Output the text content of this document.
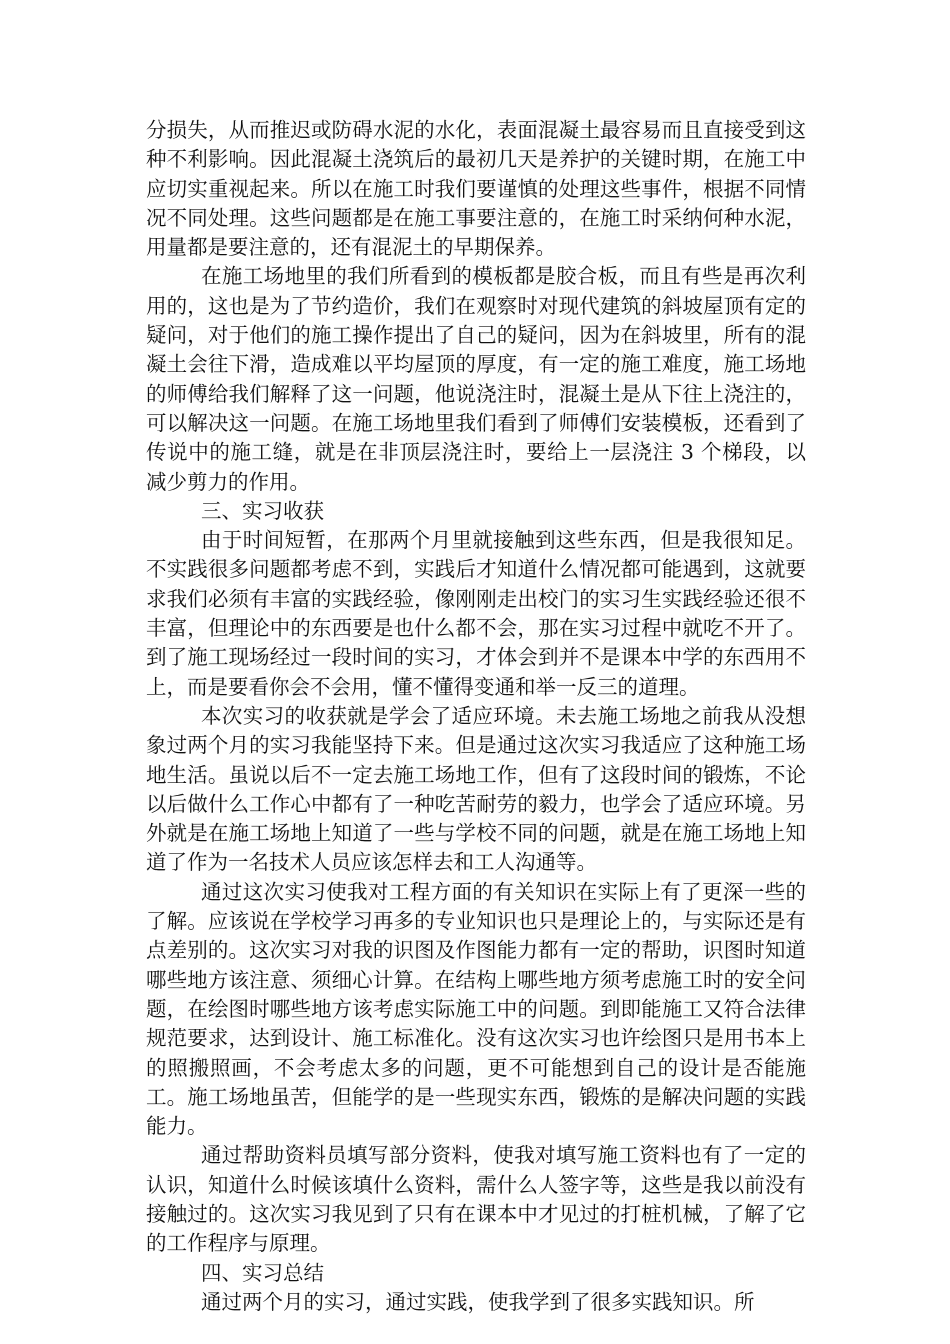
分损失，从而推迟或防碍水泥的水化，表面混凝土最容易而且直接受到这种不利影响。因此混凝土浇筑后的最初几天是养护的关键时期，在施工中应切实重视起来。所以在施工时我们要谨慎的处理这些事件，根据不同情况不同处理。这些问题都是在施工事要注意的，在施工时采纳何种水泥，用量都是要注意的，还有混泥土的早期保养。

在施工场地里的我们所看到的模板都是胶合板，而且有些是再次利用的，这也是为了节约造价，我们在观察时对现代建筑的斜坡屋顶有定的疑问，对于他们的施工操作提出了自己的疑问，因为在斜坡里，所有的混凝土会往下滑，造成难以平均屋顶的厚度，有一定的施工难度，施工场地的师傅给我们解释了这一问题，他说浇注时，混凝土是从下往上浇注的，可以解决这一问题。在施工场地里我们看到了师傅们安装模板，还看到了传说中的施工缝，就是在非顶层浇注时，要给上一层浇注 3 个梯段，以减少剪力的作用。

三、实习收获

由于时间短暂，在那两个月里就接触到这些东西，但是我很知足。不实践很多问题都考虑不到，实践后才知道什么情况都可能遇到，这就要求我们必须有丰富的实践经验，像刚刚走出校门的实习生实践经验还很不丰富，但理论中的东西要是也什么都不会，那在实习过程中就吃不开了。到了施工现场经过一段时间的实习，才体会到并不是课本中学的东西用不上，而是要看你会不会用，懂不懂得变通和举一反三的道理。

本次实习的收获就是学会了适应环境。未去施工场地之前我从没想象过两个月的实习我能坚持下来。但是通过这次实习我适应了这种施工场地生活。虽说以后不一定去施工场地工作，但有了这段时间的锻炼，不论以后做什么工作心中都有了一种吃苦耐劳的毅力，也学会了适应环境。另外就是在施工场地上知道了一些与学校不同的问题，就是在施工场地上知道了作为一名技术人员应该怎样去和工人沟通等。

通过这次实习使我对工程方面的有关知识在实际上有了更深一些的了解。应该说在学校学习再多的专业知识也只是理论上的，与实际还是有点差别的。这次实习对我的识图及作图能力都有一定的帮助，识图时知道哪些地方该注意、须细心计算。在结构上哪些地方须考虑施工时的安全问题，在绘图时哪些地方该考虑实际施工中的问题。到即能施工又符合法律规范要求，达到设计、施工标准化。没有这次实习也许绘图只是用书本上的照搬照画，不会考虑太多的问题，更不可能想到自己的设计是否能施工。施工场地虽苦，但能学的是一些现实东西，锻炼的是解决问题的实践能力。

通过帮助资料员填写部分资料，使我对填写施工资料也有了一定的认识，知道什么时候该填什么资料，需什么人签字等，这些是我以前没有接触过的。这次实习我见到了只有在课本中才见过的打桩机械，了解了它的工作程序与原理。

四、实习总结

通过两个月的实习，通过实践，使我学到了很多实践知识。所
